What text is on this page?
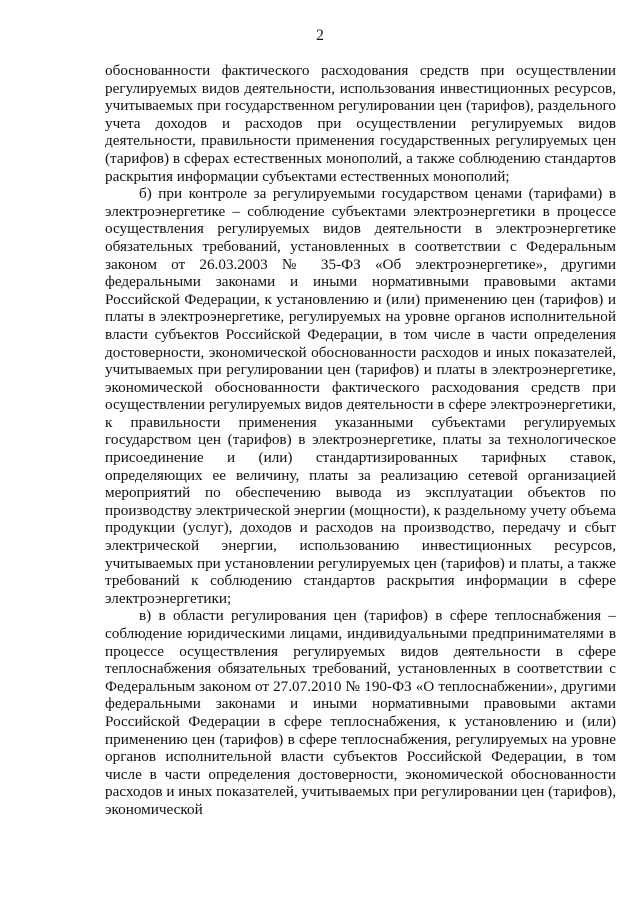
2

обоснованности фактического расходования средств при осуществлении регулируемых видов деятельности, использования инвестиционных ресурсов, учитываемых при государственном регулировании цен (тарифов), раздельного учета доходов и расходов при осуществлении регулируемых видов деятельности, правильности применения государственных регулируемых цен (тарифов) в сферах естественных монополий, а также соблюдению стандартов раскрытия информации субъектами естественных монополий;

б) при контроле за регулируемыми государством ценами (тарифами) в электроэнергетике – соблюдение субъектами электроэнергетики в процессе осуществления регулируемых видов деятельности в электроэнергетике обязательных требований, установленных в соответствии с Федеральным законом от 26.03.2003 № 35-ФЗ «Об электроэнергетике», другими федеральными законами и иными нормативными правовыми актами Российской Федерации, к установлению и (или) применению цен (тарифов) и платы в электроэнергетике, регулируемых на уровне органов исполнительной власти субъектов Российской Федерации, в том числе в части определения достоверности, экономической обоснованности расходов и иных показателей, учитываемых при регулировании цен (тарифов) и платы в электроэнергетике, экономической обоснованности фактического расходования средств при осуществлении регулируемых видов деятельности в сфере электроэнергетики, к правильности применения указанными субъектами регулируемых государством цен (тарифов) в электроэнергетике, платы за технологическое присоединение и (или) стандартизированных тарифных ставок, определяющих ее величину, платы за реализацию сетевой организацией мероприятий по обеспечению вывода из эксплуатации объектов по производству электрической энергии (мощности), к раздельному учету объема продукции (услуг), доходов и расходов на производство, передачу и сбыт электрической энергии, использованию инвестиционных ресурсов, учитываемых при установлении регулируемых цен (тарифов) и платы, а также требований к соблюдению стандартов раскрытия информации в сфере электроэнергетики;

в) в области регулирования цен (тарифов) в сфере теплоснабжения – соблюдение юридическими лицами, индивидуальными предпринимателями в процессе осуществления регулируемых видов деятельности в сфере теплоснабжения обязательных требований, установленных в соответствии с Федеральным законом от 27.07.2010 № 190-ФЗ «О теплоснабжении», другими федеральными законами и иными нормативными правовыми актами Российской Федерации в сфере теплоснабжения, к установлению и (или) применению цен (тарифов) в сфере теплоснабжения, регулируемых на уровне органов исполнительной власти субъектов Российской Федерации, в том числе в части определения достоверности, экономической обоснованности расходов и иных показателей, учитываемых при регулировании цен (тарифов), экономической
